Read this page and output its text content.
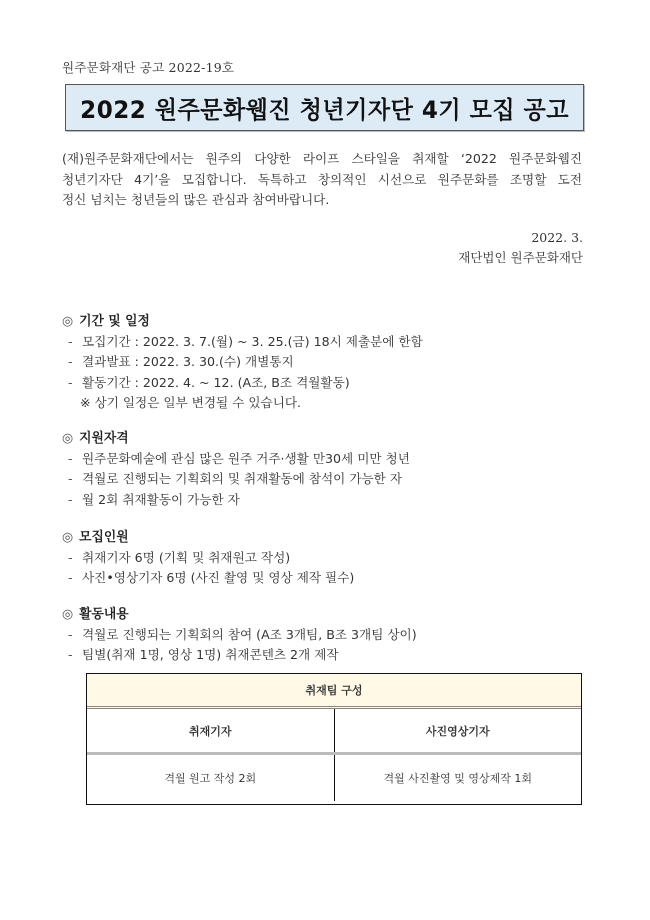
원주문화재단 공고 2022-19호
2022 원주문화웹진 청년기자단 4기 모집 공고
(재)원주문화재단에서는 원주의 다양한 라이프 스타일을 취재할 ‘2022 원주문화웹진
청년기자단 4기’을 모집합니다. 독특하고 창의적인 시선으로 원주문화를 조명할 도전
정신 넘치는 청년들의 많은 관심과 참여바랍니다.
2022. 3.
재단법인 원주문화재단
◎ 기간 및 일정
- 모집기간 : 2022. 3. 7.(월) ~ 3. 25.(금) 18시 제출분에 한함
- 결과발표 : 2022. 3. 30.(수) 개별통지
- 활동기간 : 2022. 4. ~ 12. (A조, B조 격월활동)
※ 상기 일정은 일부 변경될 수 있습니다.
◎ 지원자격
- 원주문화예술에 관심 많은 원주 거주·생활 만30세 미만 청년
- 격월로 진행되는 기획회의 및 취재활동에 참석이 가능한 자
- 월 2회 취재활동이 가능한 자
◎ 모집인원
- 취재기자 6명 (기획 및 취재원고 작성)
- 사진•영상기자 6명 (사진 촬영 및 영상 제작 필수)
◎ 활동내용
- 격월로 진행되는 기획회의 참여 (A조 3개팀, B조 3개팀 상이)
- 팀별(취재 1명, 영상 1명) 취재콘텐츠 2개 제작
취재팀 구성
취재기자	사진영상기자
격월 원고 작성 2회	격월 사진촬영 및 영상제작 1회
